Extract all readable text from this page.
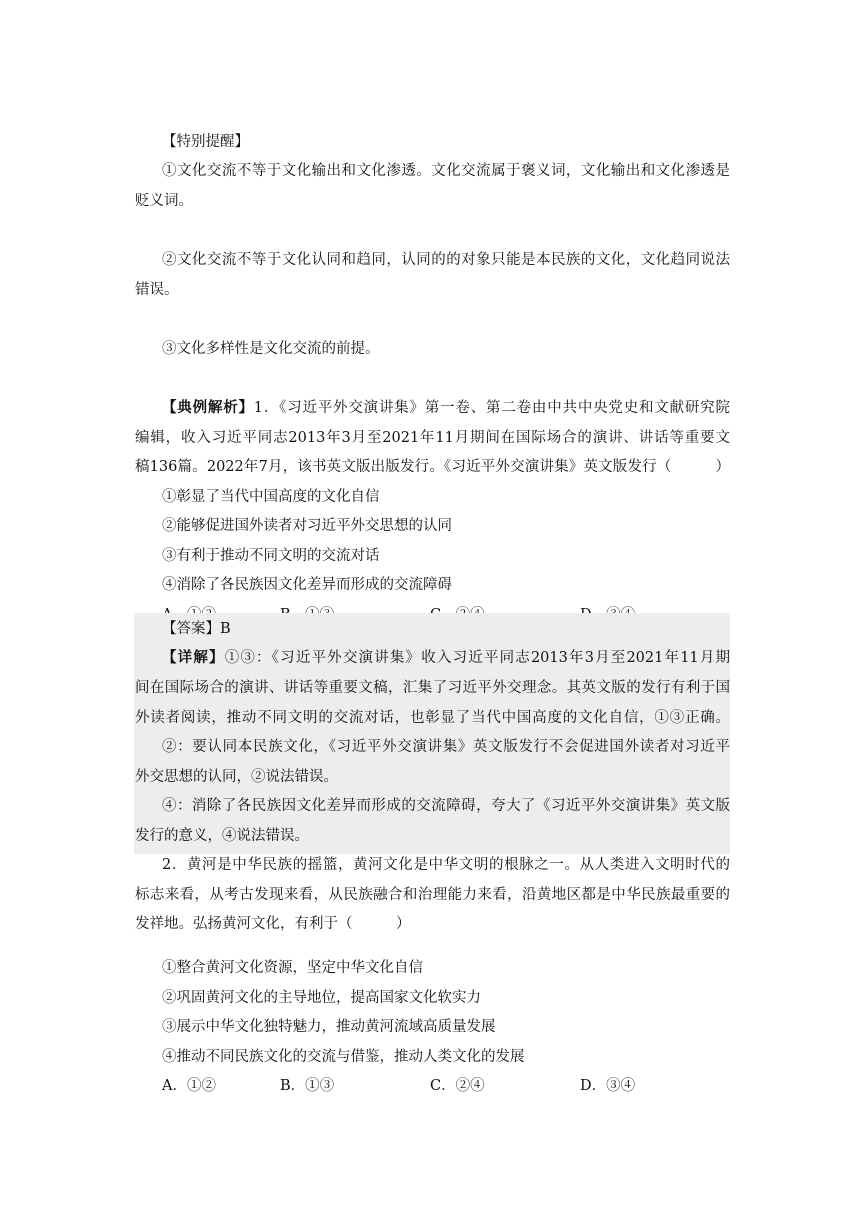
【特别提醒】
①文化交流不等于文化输出和文化渗透。文化交流属于褒义词，文化输出和文化渗透是
贬义词。
②文化交流不等于文化认同和趋同，认同的的对象只能是本民族的文化，文化趋同说法
错误。
③文化多样性是文化交流的前提。
【典例解析】1．《习近平外交演讲集》第一卷、第二卷由中共中央党史和文献研究院
编辑，收入习近平同志2013年3月至2021年11月期间在国际场合的演讲、讲话等重要文
稿136篇。2022年7月，该书英文版出版发行。《习近平外交演讲集》英文版发行（　　　）
①彰显了当代中国高度的文化自信
②能够促进国外读者对习近平外交思想的认同
③有利于推动不同文明的交流对话
④消除了各民族因文化差异而形成的交流障碍
【答案】B
【详解】①③：《习近平外交演讲集》收入习近平同志2013年3月至2021年11月期
间在国际场合的演讲、讲话等重要文稿，汇集了习近平外交理念。其英文版的发行有利于国
外读者阅读，推动不同文明的交流对话，也彰显了当代中国高度的文化自信，①③正确。
②：要认同本民族文化，《习近平外交演讲集》英文版发行不会促进国外读者对习近平
外交思想的认同，②说法错误。
④：消除了各民族因文化差异而形成的交流障碍，夸大了《习近平外交演讲集》英文版
发行的意义，④说法错误。
2．黄河是中华民族的摇篮，黄河文化是中华文明的根脉之一。从人类进入文明时代的
标志来看，从考古发现来看，从民族融合和治理能力来看，沿黄地区都是中华民族最重要的
发祥地。弘扬黄河文化，有利于（　　　）
①整合黄河文化资源，坚定中华文化自信
②巩固黄河文化的主导地位，提高国家文化软实力
③展示中华文化独特魅力，推动黄河流域高质量发展
④推动不同民族文化的交流与借鉴，推动人类文化的发展
A．①②	B．①③	C．②④	D．③④
